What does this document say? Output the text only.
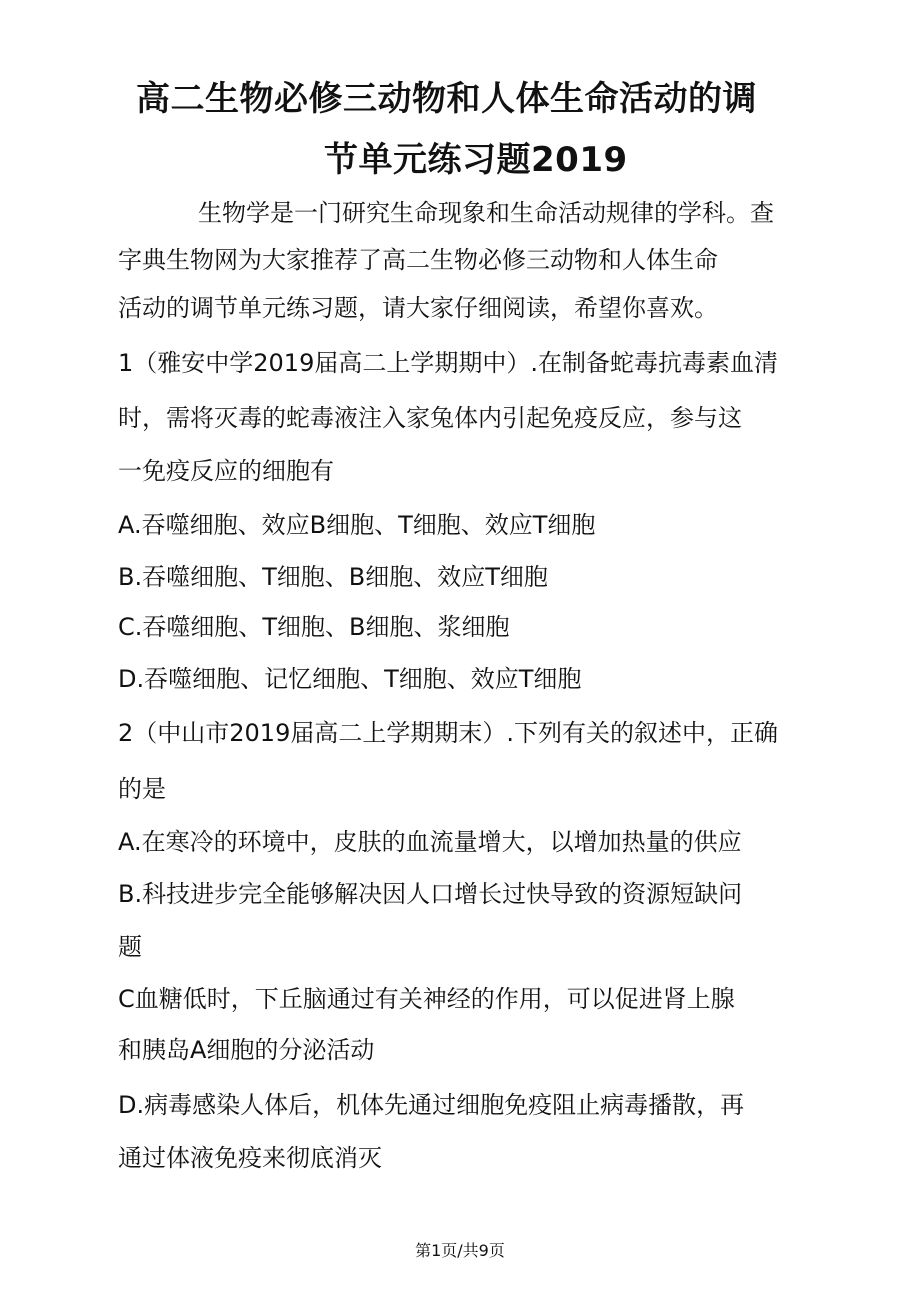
高二生物必修三动物和人体生命活动的调
节单元练习题2019
生物学是一门研究生命现象和生命活动规律的学科。查
字典生物网为大家推荐了高二生物必修三动物和人体生命
活动的调节单元练习题，请大家仔细阅读，希望你喜欢。
1（雅安中学2019届高二上学期期中）.在制备蛇毒抗毒素血清
时，需将灭毒的蛇毒液注入家兔体内引起免疫反应，参与这
一免疫反应的细胞有
A.吞噬细胞、效应B细胞、T细胞、效应T细胞
B.吞噬细胞、T细胞、B细胞、效应T细胞
C.吞噬细胞、T细胞、B细胞、浆细胞
D.吞噬细胞、记忆细胞、T细胞、效应T细胞
2（中山市2019届高二上学期期末）.下列有关的叙述中，正确
的是
A.在寒冷的环境中，皮肤的血流量增大，以增加热量的供应
B.科技进步完全能够解决因人口增长过快导致的资源短缺问
题
C血糖低时，下丘脑通过有关神经的作用，可以促进肾上腺
和胰岛A细胞的分泌活动
D.病毒感染人体后，机体先通过细胞免疫阻止病毒播散，再
通过体液免疫来彻底消灭
第1页/共9页
